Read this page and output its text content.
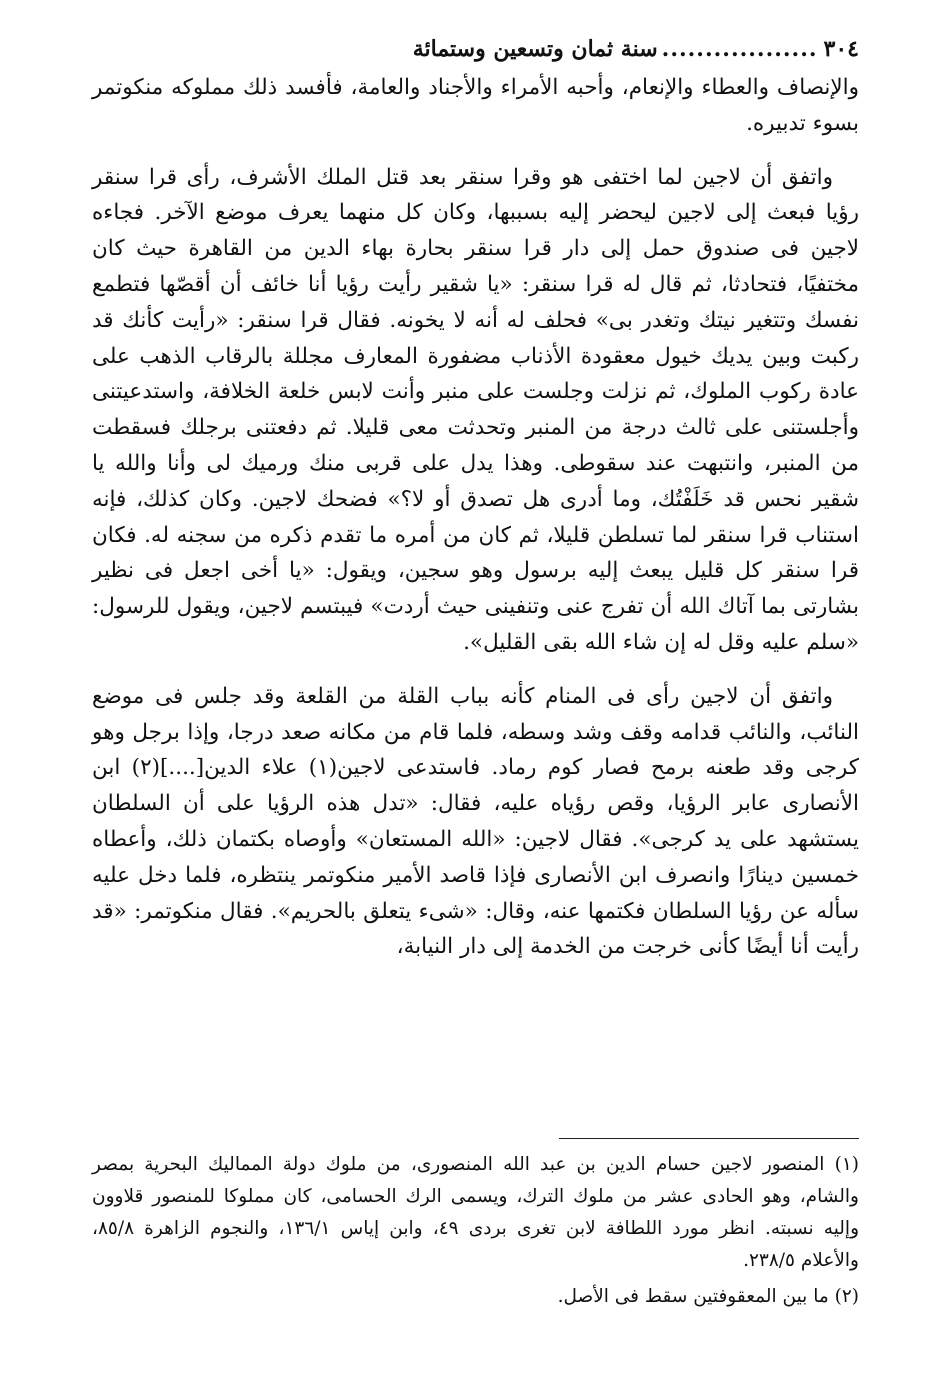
٣٠٤
..................
سنة ثمان وتسعين وستمائة

والإنصاف والعطاء والإنعام، وأحبه الأمراء والأجناد والعامة، فأفسد ذلك مملوكه منكوتمر بسوء تدبيره.

واتفق أن لاجين لما اختفى هو وقرا سنقر بعد قتل الملك الأشرف، رأى قرا سنقر رؤيا فبعث إلى لاجين ليحضر إليه بسببها، وكان كل منهما يعرف موضع الآخر. فجاءه لاجين فى صندوق حمل إلى دار قرا سنقر بحارة بهاء الدين من القاهرة حيث كان مختفيًا، فتحادثا، ثم قال له قرا سنقر: «يا شقير رأيت رؤيا أنا خائف أن أقصّها فتطمع نفسك وتتغير نيتك وتغدر بى» فحلف له أنه لا يخونه. فقال قرا سنقر: «رأيت كأنك قد ركبت وبين يديك خيول معقودة الأذناب مضفورة المعارف مجللة بالرقاب الذهب على عادة ركوب الملوك، ثم نزلت وجلست على منبر وأنت لابس خلعة الخلافة، واستدعيتنى وأجلستنى على ثالث درجة من المنبر وتحدثت معى قليلا. ثم دفعتنى برجلك فسقطت من المنبر، وانتبهت عند سقوطى. وهذا يدل على قربى منك ورميك لى وأنا والله يا شقير نحس قد خَلَفْتُك، وما أدرى هل تصدق أو لا؟» فضحك لاجين. وكان كذلك، فإنه استناب قرا سنقر لما تسلطن قليلا، ثم كان من أمره ما تقدم ذكره من سجنه له. فكان قرا سنقر كل قليل يبعث إليه برسول وهو سجين، ويقول: «يا أخى اجعل فى نظير بشارتى بما آتاك الله أن تفرج عنى وتنفينى حيث أردت» فيبتسم لاجين، ويقول للرسول: «سلم عليه وقل له إن شاء الله بقى القليل».

واتفق أن لاجين رأى فى المنام كأنه بباب القلة من القلعة وقد جلس فى موضع النائب، والنائب قدامه وقف وشد وسطه، فلما قام من مكانه صعد درجا، وإذا برجل وهو كرجى وقد طعنه برمح فصار كوم رماد. فاستدعى لاجين(١) علاء الدين[....](٢) ابن الأنصارى عابر الرؤيا، وقص رؤياه عليه، فقال: «تدل هذه الرؤيا على أن السلطان يستشهد على يد كرجى». فقال لاجين: «الله المستعان» وأوصاه بكتمان ذلك، وأعطاه خمسين دينارًا وانصرف ابن الأنصارى فإذا قاصد الأمير منكوتمر ينتظره، فلما دخل عليه سأله عن رؤيا السلطان فكتمها عنه، وقال: «شىء يتعلق بالحريم». فقال منكوتمر: «قد رأيت أنا أيضًا كأنى خرجت من الخدمة إلى دار النيابة،

(١) المنصور لاجين حسام الدين بن عبد الله المنصورى، من ملوك دولة المماليك البحرية بمصر والشام، وهو الحادى عشر من ملوك الترك، ويسمى الرك الحسامى، كان مملوكا للمنصور قلاوون وإليه نسبته. انظر مورد اللطافة لابن تغرى بردى ٤٩، وابن إياس ١٣٦/١، والنجوم الزاهرة ٨٥/٨، والأعلام ٢٣٨/٥.

(٢) ما بين المعقوفتين سقط فى الأصل.
